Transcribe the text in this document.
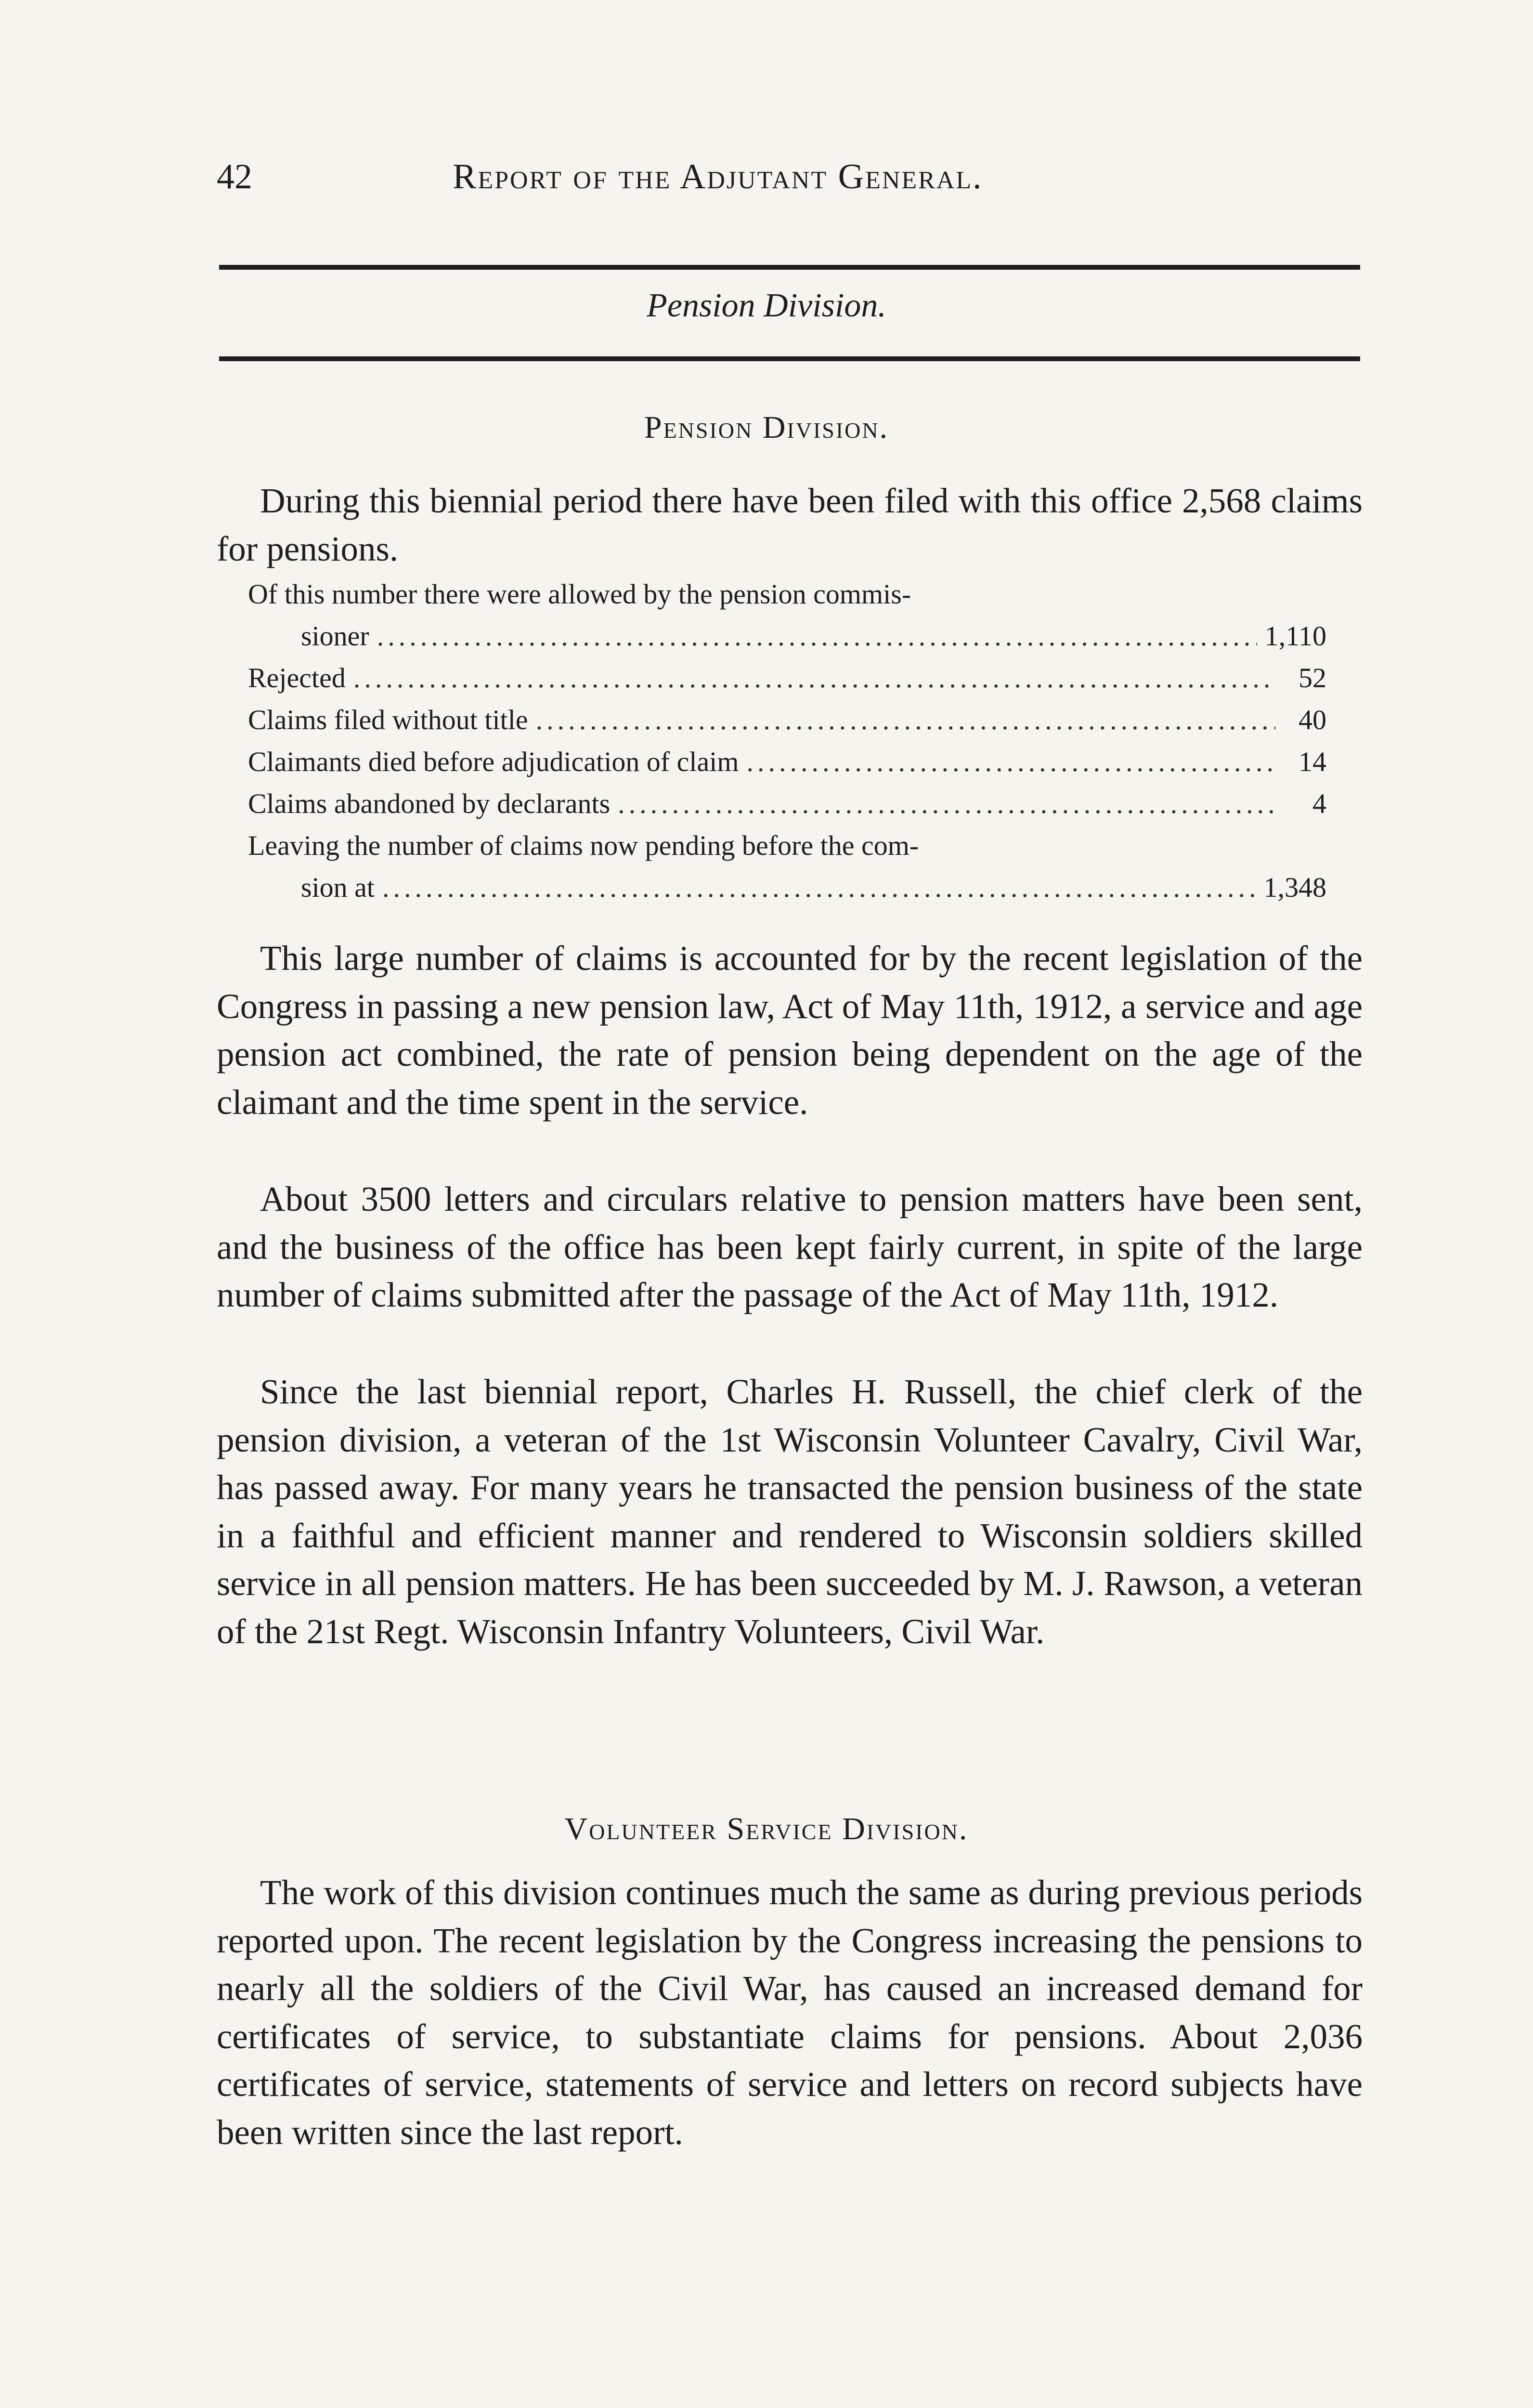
42	Report of the Adjutant General.
Pension Division.
Pension Division.

During this biennial period there have been filed with this office 2,568 claims for pensions.

Of this number there were allowed by the pension commis-
sioner .....	1,110
Rejected .....	52
Claims filed without title .....	40
Claimants died before adjudication of claim .....	14
Claims abandoned by declarants .....	4
Leaving the number of claims now pending before the com-
sion at .....	1,348

This large number of claims is accounted for by the recent legislation of the Congress in passing a new pension law, Act of May 11th, 1912, a service and age pension act combined, the rate of pension being dependent on the age of the claimant and the time spent in the service.

About 3500 letters and circulars relative to pension matters have been sent, and the business of the office has been kept fairly current, in spite of the large number of claims submitted after the passage of the Act of May 11th, 1912.

Since the last biennial report, Charles H. Russell, the chief clerk of the pension division, a veteran of the 1st Wisconsin Volunteer Cavalry, Civil War, has passed away. For many years he transacted the pension business of the state in a faithful and efficient manner and rendered to Wisconsin soldiers skilled service in all pension matters. He has been succeeded by M. J. Rawson, a veteran of the 21st Regt. Wisconsin Infantry Volunteers, Civil War.

Volunteer Service Division.

The work of this division continues much the same as during previous periods reported upon. The recent legislation by the Congress increasing the pensions to nearly all the soldiers of the Civil War, has caused an increased demand for certificates of service, to substantiate claims for pensions. About 2,036 certificates of service, statements of service and letters on record subjects have been written since the last report.
